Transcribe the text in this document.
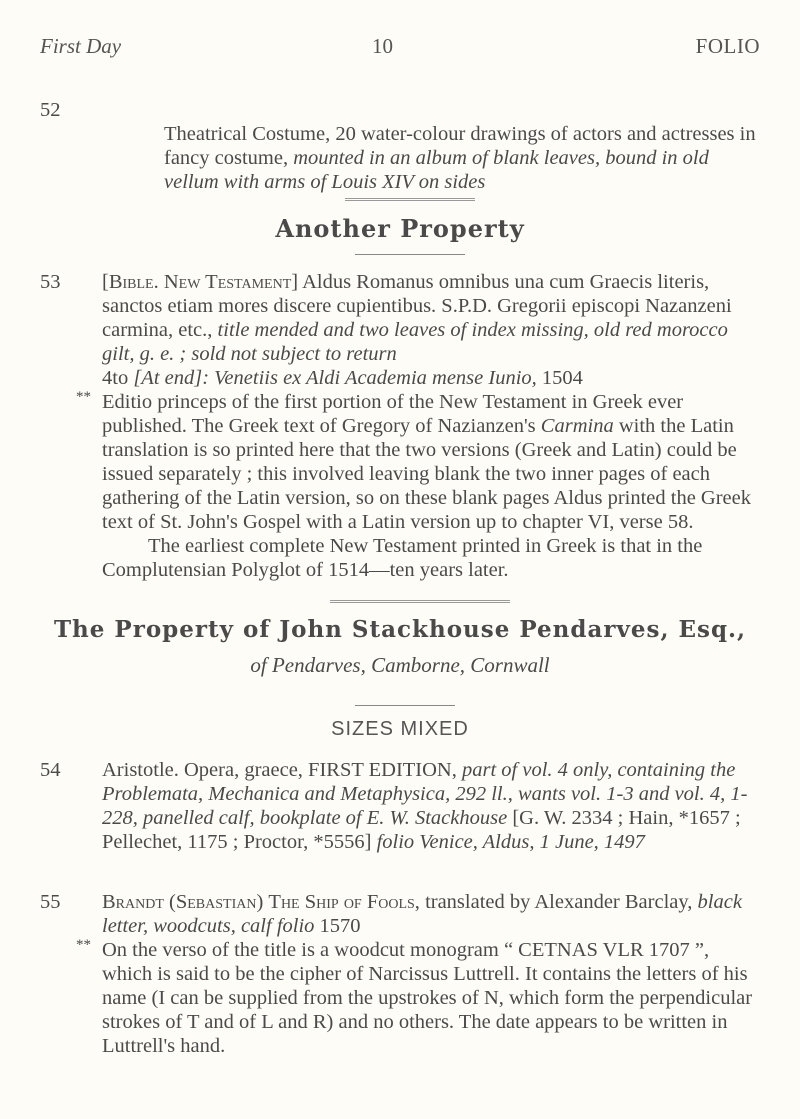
First Day	10	FOLIO
52

Theatrical Costume, 20 water-colour drawings of actors and actresses in fancy costume, mounted in an album of blank leaves, bound in old vellum with arms of Louis XIV on sides

Another Property
53	[Bible. New Testament] Aldus Romanus omnibus una cum Graecis literis, sanctos etiam mores discere cupientibus. S.P.D. Gregorii episcopi Nazanzeni carmina, etc., title mended and two leaves of index missing, old red morocco gilt, g. e. ; sold not subject to return

4to [At end]: Venetiis ex Aldi Academia mense Iunio, 1504

** Editio princeps of the first portion of the New Testament in Greek ever published. The Greek text of Gregory of Nazianzen's Carmina with the Latin translation is so printed here that the two versions (Greek and Latin) could be issued separately ; this involved leaving blank the two inner pages of each gathering of the Latin version, so on these blank pages Aldus printed the Greek text of St. John's Gospel with a Latin version up to chapter VI, verse 58.

The earliest complete New Testament printed in Greek is that in the Complutensian Polyglot of 1514—ten years later.

The Property of John Stackhouse Pendarves, Esq.,
of Pendarves, Camborne, Cornwall
SIZES MIXED
54	Aristotle. Opera, graece, FIRST EDITION, part of vol. 4 only, containing the Problemata, Mechanica and Metaphysica, 292 ll., wants vol. 1-3 and vol. 4, 1-228, panelled calf, bookplate of E. W. Stackhouse [G. W. 2334 ; Hain, *1657 ; Pellechet, 1175 ; Proctor, *5556] folio Venice, Aldus, 1 June, 1497

55	Brandt (Sebastian) The Ship of Fools, translated by Alexander Barclay, black letter, woodcuts, calf folio 1570

** On the verso of the title is a woodcut monogram “ CETNAS VLR 1707 ”, which is said to be the cipher of Narcissus Luttrell. It contains the letters of his name (I can be supplied from the upstrokes of N, which form the perpendicular strokes of T and of L and R) and no others. The date appears to be written in Luttrell's hand.
